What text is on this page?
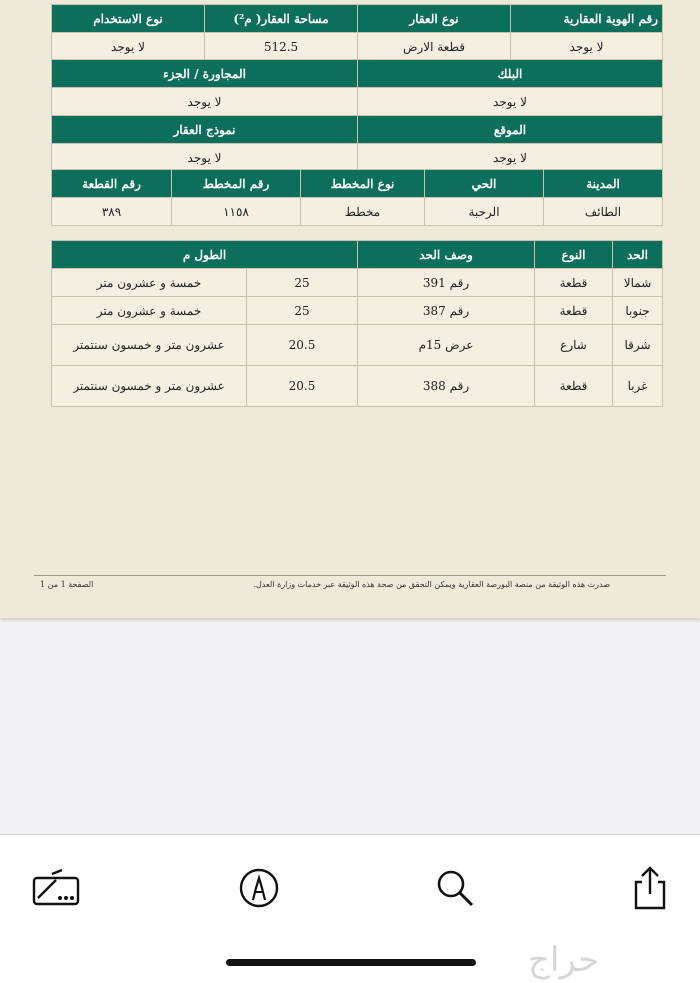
رقم الهوية العقارية	نوع العقار	مساحة العقار( م²)	نوع الاستخدام
لا يوجد	قطعة الارض	512.5	لا يوجد
البلك	المجاورة / الجزء
لا يوجد	لا يوجد
الموقع	نموذج العقار
لا يوجد	لا يوجد
المدينة	الحي	نوع المخطط	رقم المخطط	رقم القطعة
الطائف	الرحبة	مخطط	١١٥٨	٣٨٩
الحد	النوع	وصف الحد	الطول م	
شمالا	قطعة	رقم 391	25	خمسة و عشرون متر
جنوبا	قطعة	رقم 387	25	خمسة و عشرون متر
شرقا	شارع	عرض 15م	20.5	عشرون متر و خمسون سنتمتر
غربا	قطعة	رقم 388	20.5	عشرون متر و خمسون سنتمتر
صدرت هذه الوثيقة من منصة البورصة العقارية ويمكن التحقق من صحة هذه الوثيقة عبر خدمات وزارة العدل.
الصفحة 1 من 1
حراج
